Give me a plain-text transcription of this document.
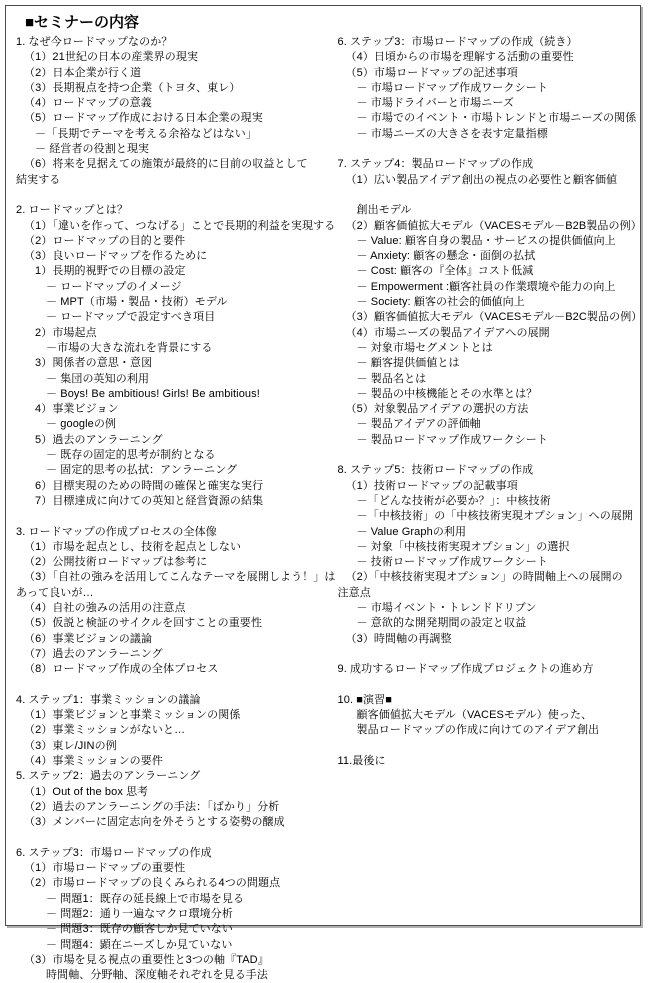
■セミナーの内容
1. なぜ今ロードマップなのか？
（1）21世紀の日本の産業界の現実
（2）日本企業が行く道
（3）長期視点を持つ企業（トヨタ、東レ）
（4）ロードマップの意義
（5）ロードマップ作成における日本企業の現実
－「長期でテーマを考える余裕などはない」
－ 経営者の役割と現実
（6）将来を見据えての施策が最終的に目前の収益として
結実する
2. ロードマップとは？
（1）「違いを作って、つなげる」ことで長期的利益を実現する
（2）ロードマップの目的と要件
（3）良いロードマップを作るために
1）長期的視野での目標の設定
－ ロードマップのイメージ
－ MPT（市場・製品・技術）モデル
－ ロードマップで設定すべき項目
2）市場起点
－市場の大きな流れを背景にする
3）関係者の意思・意図
－ 集団の英知の利用
－ Boys! Be ambitious! Girls! Be ambitious!
4）事業ビジョン
－ googleの例
5）過去のアンラーニング
－ 既存の固定的思考が制約となる
－ 固定的思考の払拭：アンラーニング
6）目標実現のための時間の確保と確実な実行
7）目標達成に向けての英知と経営資源の結集
3. ロードマップの作成プロセスの全体像
（1）市場を起点とし、技術を起点としない
（2）公開技術ロードマップは参考に
（3）「自社の強みを活用してこんなテーマを展開しよう！」は
あって良いが…
（4）自社の強みの活用の注意点
（5）仮説と検証のサイクルを回すことの重要性
（6）事業ビジョンの議論
（7）過去のアンラーニング
（8）ロードマップ作成の全体プロセス
4. ステップ1：事業ミッションの議論
（1）事業ビジョンと事業ミッションの関係
（2）事業ミッションがないと…
（3）東レ/JINの例
（4）事業ミッションの要件
5. ステップ2：過去のアンラーニング
（1）Out of the box 思考
（2）過去のアンラーニングの手法：「ばかり」分析
（3）メンバーに固定志向を外そうとする姿勢の醸成
6. ステップ3：市場ロードマップの作成
（1）市場ロードマップの重要性
（2）市場ロードマップの良くみられる4つの問題点
－ 問題1：既存の延長線上で市場を見る
－ 問題2：通り一遍なマクロ環境分析
－ 問題3：既存の顧客しか見ていない
－ 問題4：顕在ニーズしか見ていない
（3）市場を見る視点の重要性と3つの軸『TAD』
時間軸、分野軸、深度軸それぞれを見る手法
6. ステップ3：市場ロードマップの作成（続き）
（4）日頃からの市場を理解する活動の重要性
（5）市場ロードマップの記述事項
－ 市場ロードマップ作成ワークシート
－ 市場ドライバーと市場ニーズ
－ 市場でのイベント・市場トレンドと市場ニーズの関係
－ 市場ニーズの大きさを表す定量指標
7. ステップ4：製品ロードマップの作成
（1）広い製品アイデア創出の視点の必要性と顧客価値
創出モデル
（2）顧客価値拡大モデル（VACESモデル－B2B製品の例）
－ Value: 顧客自身の製品・サービスの提供価値向上
－ Anxiety: 顧客の懸念・面倒の払拭
－ Cost: 顧客の『全体』コスト低減
－ Empowerment :顧客社員の作業環境や能力の向上
－ Society: 顧客の社会的価値向上
（3）顧客価値拡大モデル（VACESモデル－B2C製品の例）
（4）市場ニーズの製品アイデアへの展開
－ 対象市場セグメントとは
－ 顧客提供価値とは
－ 製品名とは
－ 製品の中核機能とその水準とは？
（5）対象製品アイデアの選択の方法
－ 製品アイデアの評価軸
－ 製品ロードマップ作成ワークシート
8. ステップ5：技術ロードマップの作成
（1）技術ロードマップの記載事項
－「どんな技術が必要か？」：中核技術
－「中核技術」の「中核技術実現オプション」への展開
－ Value Graphの利用
－ 対象「中核技術実現オプション」の選択
－ 技術ロードマップ作成ワークシート
（2）「中核技術実現オプション」の時間軸上への展開の
注意点
－ 市場イベント・トレンドドリブン
－ 意欲的な開発期間の設定と収益
（3）時間軸の再調整
9. 成功するロードマップ作成プロジェクトの進め方
10. ■演習■
顧客価値拡大モデル（VACESモデル）使った、
製品ロードマップの作成に向けてのアイデア創出
11.最後に
